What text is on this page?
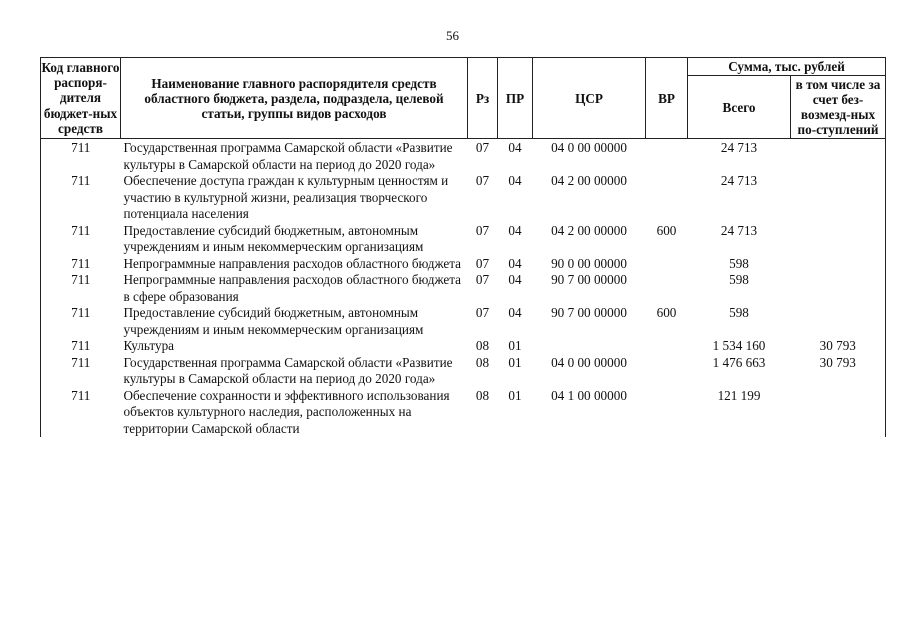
56
Код главного распоря-дителя бюджет-ных средств	Наименование главного распорядителя средств областного бюджета, раздела, подраздела, целевой статьи, группы видов расходов	Рз	ПР	ЦСР	ВР	Сумма, тыс. рублей	
						Всего	в том числе за счет без-возмезд-ных по-ступлений
711	Государственная программа Самарской области «Развитие культуры в Самарской области на период до 2020 года»	07	04	04 0 00 00000		24 713	
711	Обеспечение доступа граждан к культурным ценностям и участию в культурной жизни, реализация творческого потенциала населения	07	04	04 2 00 00000		24 713	
711	Предоставление субсидий бюджетным, автономным учреждениям и иным некоммерческим организациям	07	04	04 2 00 00000	600	24 713	
711	Непрограммные направления расходов областного бюджета	07	04	90 0 00 00000		598	
711	Непрограммные направления расходов областного бюджета в сфере образования	07	04	90 7 00 00000		598	
711	Предоставление субсидий бюджетным, автономным учреждениям и иным некоммерческим организациям	07	04	90 7 00 00000	600	598	
711	Культура	08	01			1 534 160	30 793
711	Государственная программа Самарской области «Развитие культуры в Самарской области на период до 2020 года»	08	01	04 0 00 00000		1 476 663	30 793
711	Обеспечение сохранности и эффективного использования объектов культурного наследия, расположенных на территории Самарской области	08	01	04 1 00 00000		121 199	
